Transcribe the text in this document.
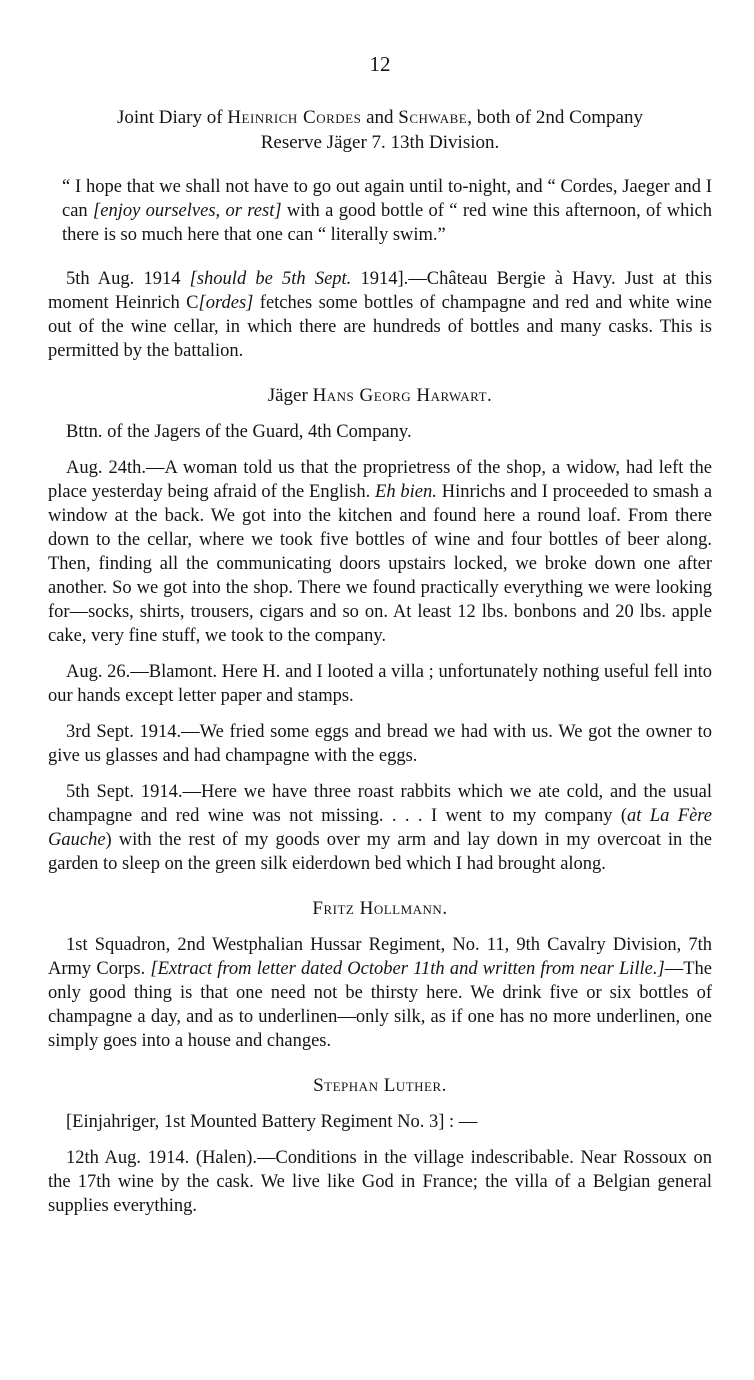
12
Joint Diary of Heinrich Cordes and Schwabe, both of 2nd Company
Reserve Jäger 7. 13th Division.

“ I hope that we shall not have to go out again until to-night, and “ Cordes, Jaeger and I can [enjoy ourselves, or rest] with a good bottle of “ red wine this afternoon, of which there is so much here that one can “ literally swim.”

5th Aug. 1914 [should be 5th Sept. 1914].—Château Bergie à Havy. Just at this moment Heinrich C[ordes] fetches some bottles of champagne and red and white wine out of the wine cellar, in which there are hundreds of bottles and many casks. This is permitted by the battalion.

Jäger Hans Georg Harwart.

Bttn. of the Jagers of the Guard, 4th Company.

Aug. 24th.—A woman told us that the proprietress of the shop, a widow, had left the place yesterday being afraid of the English. Eh bien. Hinrichs and I proceeded to smash a window at the back. We got into the kitchen and found here a round loaf. From there down to the cellar, where we took five bottles of wine and four bottles of beer along. Then, finding all the communicating doors upstairs locked, we broke down one after another. So we got into the shop. There we found practically everything we were looking for—socks, shirts, trousers, cigars and so on. At least 12 lbs. bonbons and 20 lbs. apple cake, very fine stuff, we took to the company.

Aug. 26.—Blamont. Here H. and I looted a villa ; unfortunately nothing useful fell into our hands except letter paper and stamps.

3rd Sept. 1914.—We fried some eggs and bread we had with us. We got the owner to give us glasses and had champagne with the eggs.

5th Sept. 1914.—Here we have three roast rabbits which we ate cold, and the usual champagne and red wine was not missing. . . . I went to my company (at La Fère Gauche) with the rest of my goods over my arm and lay down in my overcoat in the garden to sleep on the green silk eiderdown bed which I had brought along.

Fritz Hollmann.

1st Squadron, 2nd Westphalian Hussar Regiment, No. 11, 9th Cavalry Division, 7th Army Corps. [Extract from letter dated October 11th and written from near Lille.]—The only good thing is that one need not be thirsty here. We drink five or six bottles of champagne a day, and as to underlinen—only silk, as if one has no more underlinen, one simply goes into a house and changes.

Stephan Luther.

[Einjahriger, 1st Mounted Battery Regiment No. 3] : —

12th Aug. 1914. (Halen).—Conditions in the village indescribable. Near Rossoux on the 17th wine by the cask. We live like God in France; the villa of a Belgian general supplies everything.
